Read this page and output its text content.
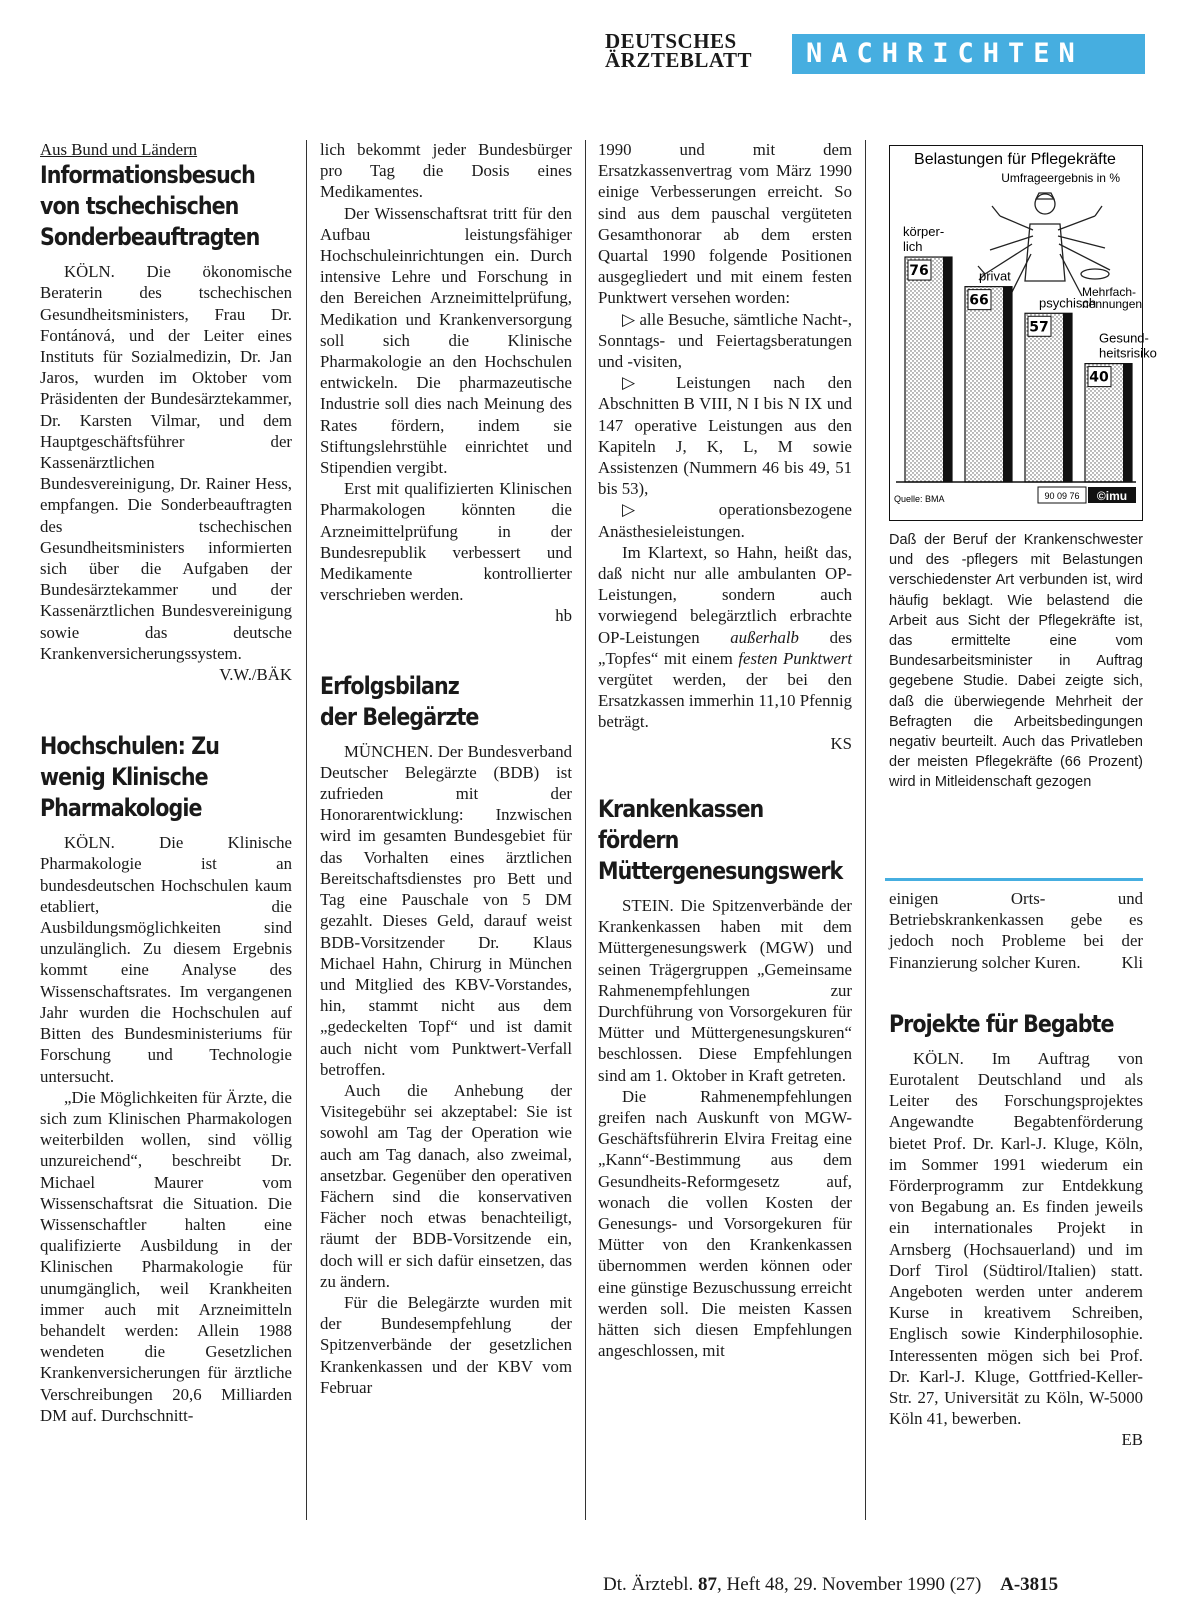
DEUTSCHES
ÄRZTEBLATT	NACHRICHTEN

Aus Bund und Ländern

Informationsbesuch
von tschechischen
Sonderbeauftragten

KÖLN. Die ökonomische Beraterin des tschechischen Gesundheitsministers, Frau Dr. Fontánová, und der Leiter eines Instituts für Sozialmedizin, Dr. Jan Jaros, wurden im Oktober vom Präsidenten der Bundesärztekammer, Dr. Karsten Vilmar, und dem Hauptgeschäftsführer der Kassenärztlichen Bundesvereinigung, Dr. Rainer Hess, empfangen. Die Sonderbeauftragten des tschechischen Gesundheitsministers informierten sich über die Aufgaben der Bundesärztekammer und der Kassenärztlichen Bundesvereinigung sowie das deutsche Krankenversicherungssystem.
V.W./BÄK

Hochschulen: Zu
wenig Klinische
Pharmakologie

KÖLN. Die Klinische Pharmakologie ist an bundesdeutschen Hochschulen kaum etabliert, die Ausbildungsmöglichkeiten sind unzulänglich. Zu diesem Ergebnis kommt eine Analyse des Wissenschaftsrates. Im vergangenen Jahr wurden die Hochschulen auf Bitten des Bundesministeriums für Forschung und Technologie untersucht.

„Die Möglichkeiten für Ärzte, die sich zum Klinischen Pharmakologen weiterbilden wollen, sind völlig unzureichend“, beschreibt Dr. Michael Maurer vom Wissenschaftsrat die Situation. Die Wissenschaftler halten eine qualifizierte Ausbildung in der Klinischen Pharmakologie für unumgänglich, weil Krankheiten immer auch mit Arzneimitteln behandelt werden: Allein 1988 wendeten die Gesetzlichen Krankenversicherungen für ärztliche Verschreibungen 20,6 Milliarden DM auf. Durchschnitt-

lich bekommt jeder Bundesbürger pro Tag die Dosis eines Medikamentes.

Der Wissenschaftsrat tritt für den Aufbau leistungsfähiger Hochschuleinrichtungen ein. Durch intensive Lehre und Forschung in den Bereichen Arzneimittelprüfung, Medikation und Krankenversorgung soll sich die Klinische Pharmakologie an den Hochschulen entwickeln. Die pharmazeutische Industrie soll dies nach Meinung des Rates fördern, indem sie Stiftungslehrstühle einrichtet und Stipendien vergibt.

Erst mit qualifizierten Klinischen Pharmakologen könnten die Arzneimittelprüfung in der Bundesrepublik verbessert und Medikamente kontrollierter verschrieben werden.
hb

Erfolgsbilanz
der Belegärzte

MÜNCHEN. Der Bundesverband Deutscher Belegärzte (BDB) ist zufrieden mit der Honorarentwicklung: Inzwischen wird im gesamten Bundesgebiet für das Vorhalten eines ärztlichen Bereitschaftsdienstes pro Bett und Tag eine Pauschale von 5 DM gezahlt. Dieses Geld, darauf weist BDB-Vorsitzender Dr. Klaus Michael Hahn, Chirurg in München und Mitglied des KBV-Vorstandes, hin, stammt nicht aus dem „gedeckelten Topf“ und ist damit auch nicht vom Punktwert-Verfall betroffen.

Auch die Anhebung der Visitegebühr sei akzeptabel: Sie ist sowohl am Tag der Operation wie auch am Tag danach, also zweimal, ansetzbar. Gegenüber den operativen Fächern sind die konservativen Fächer noch etwas benachteiligt, räumt der BDB-Vorsitzende ein, doch will er sich dafür einsetzen, das zu ändern.

Für die Belegärzte wurden mit der Bundesempfehlung der Spitzenverbände der gesetzlichen Krankenkassen und der KBV vom Februar

1990 und mit dem Ersatzkassenvertrag vom März 1990 einige Verbesserungen erreicht. So sind aus dem pauschal vergüteten Gesamthonorar ab dem ersten Quartal 1990 folgende Positionen ausgegliedert und mit einem festen Punktwert versehen worden:

▷ alle Besuche, sämtliche Nacht-, Sonntags- und Feiertagsberatungen und -visiten,

▷ Leistungen nach den Abschnitten B VIII, N I bis N IX und 147 operative Leistungen aus den Kapiteln J, K, L, M sowie Assistenzen (Nummern 46 bis 49, 51 bis 53),

▷ operationsbezogene Anästhesieleistungen.

Im Klartext, so Hahn, heißt das, daß nicht nur alle ambulanten OP-Leistungen, sondern auch vorwiegend belegärztlich erbrachte OP-Leistungen außerhalb des „Topfes“ mit einem festen Punktwert vergütet werden, der bei den Ersatzkassen immerhin 11,10 Pfennig beträgt.
KS

Krankenkassen
fördern
Müttergenesungswerk

STEIN. Die Spitzenverbände der Krankenkassen haben mit dem Müttergenesungswerk (MGW) und seinen Trägergruppen „Gemeinsame Rahmenempfehlungen zur Durchführung von Vorsorgekuren für Mütter und Müttergenesungskuren“ beschlossen. Diese Empfehlungen sind am 1. Oktober in Kraft getreten.

Die Rahmenempfehlungen greifen nach Auskunft von MGW-Geschäftsführerin Elvira Freitag eine „Kann“-Bestimmung aus dem Gesundheits-Reformgesetz auf, wonach die vollen Kosten der Genesungs- und Vorsorgekuren für Mütter von den Krankenkassen übernommen werden können oder eine günstige Bezuschussung erreicht werden soll. Die meisten Kassen hätten sich diesen Empfehlungen angeschlossen, mit

Belastungen für Pflegekräfte
Umfrageergebnis in %
76
körper-
lich
66
privat
57
psychisch
40
Gesund-
heitsrisiko
Mehrfach-
nennungen
Quelle: BMA	90 09 76 ©imu
Daß der Beruf der Krankenschwester und des -pflegers mit Belastungen verschiedenster Art verbunden ist, wird häufig beklagt. Wie belastend die Arbeit aus Sicht der Pflegekräfte ist, das ermittelte eine vom Bundesarbeitsminister in Auftrag gegebene Studie. Dabei zeigte sich, daß die überwiegende Mehrheit der Befragten die Arbeitsbedingungen negativ beurteilt. Auch das Privatleben der meisten Pflegekräfte (66 Prozent) wird in Mitleidenschaft gezogen

einigen Orts- und Betriebskrankenkassen gebe es jedoch noch Probleme bei der Finanzierung solcher Kuren. Kli

Projekte für Begabte

KÖLN. Im Auftrag von Eurotalent Deutschland und als Leiter des Forschungsprojektes Angewandte Begabtenförderung bietet Prof. Dr. Karl-J. Kluge, Köln, im Sommer 1991 wiederum ein Förderprogramm zur Entdekkung von Begabung an. Es finden jeweils ein internationales Projekt in Arnsberg (Hochsauerland) und im Dorf Tirol (Südtirol/Italien) statt. Angeboten werden unter anderem Kurse in kreativem Schreiben, Englisch sowie Kinderphilosophie. Interessenten mögen sich bei Prof. Dr. Karl-J. Kluge, Gottfried-Keller-Str. 27, Universität zu Köln, W-5000 Köln 41, bewerben.
EB

Dt. Ärztebl. 87, Heft 48, 29. November 1990 (27) A-3815
